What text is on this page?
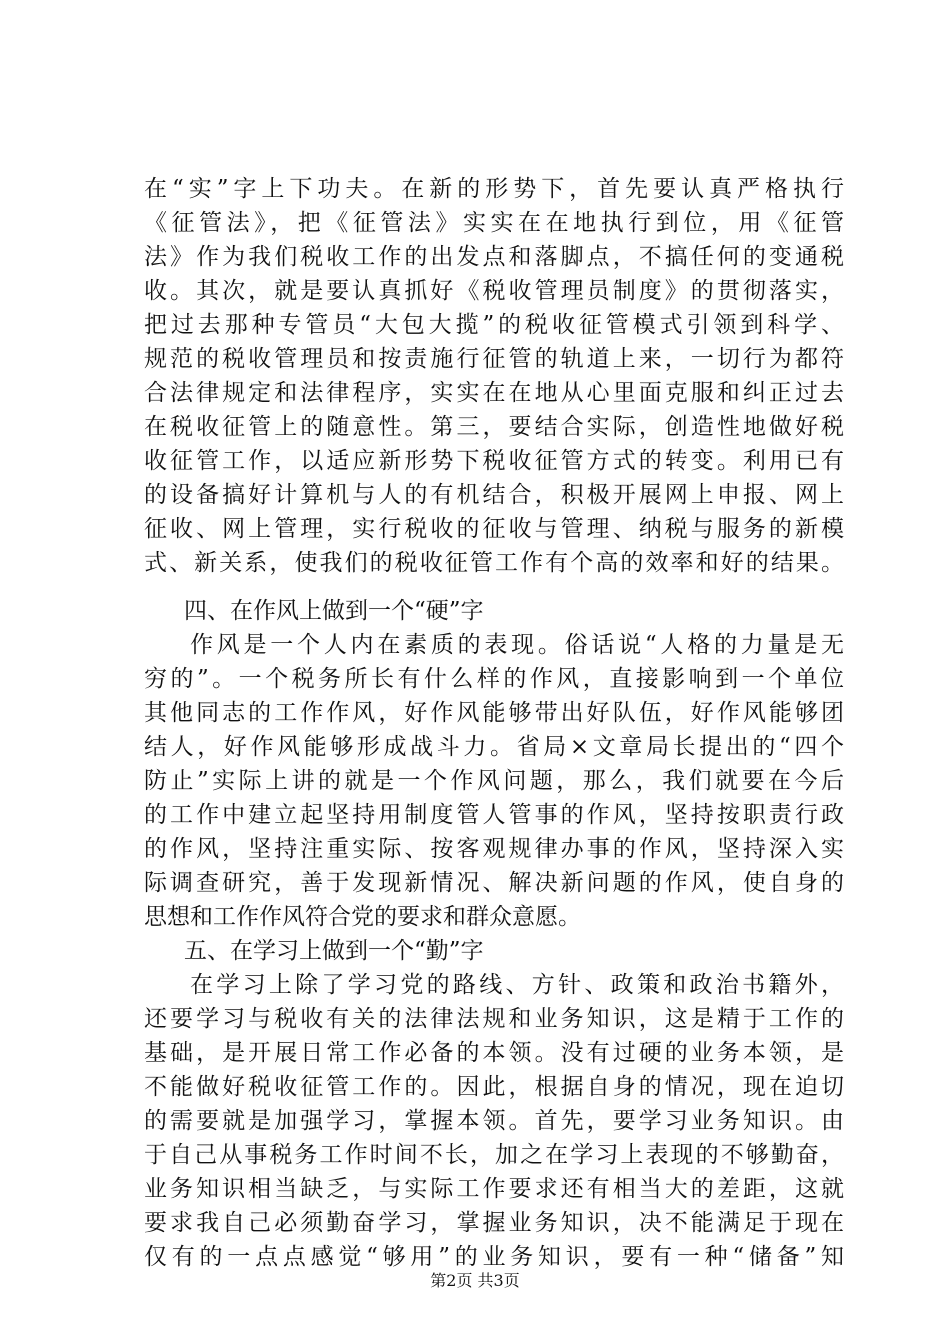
在“实”字上下功夫。在新的形势下，首先要认真严格执行
《征管法》，把《征管法》实实在在地执行到位，用《征管
法》作为我们税收工作的出发点和落脚点，不搞任何的变通税
收。其次，就是要认真抓好《税收管理员制度》的贯彻落实，
把过去那种专管员“大包大揽”的税收征管模式引领到科学、
规范的税收管理员和按责施行征管的轨道上来，一切行为都符
合法律规定和法律程序，实实在在地从心里面克服和纠正过去
在税收征管上的随意性。第三，要结合实际，创造性地做好税
收征管工作，以适应新形势下税收征管方式的转变。利用已有
的设备搞好计算机与人的有机结合，积极开展网上申报、网上
征收、网上管理，实行税收的征收与管理、纳税与服务的新模
式、新关系，使我们的税收征管工作有个高的效率和好的结果。
四、在作风上做到一个“硬”字
作风是一个人内在素质的表现。俗话说“人格的力量是无
穷的”。一个税务所长有什么样的作风，直接影响到一个单位
其他同志的工作作风，好作风能够带出好队伍，好作风能够团
结人，好作风能够形成战斗力。省局×文章局长提出的“四个
防止”实际上讲的就是一个作风问题，那么，我们就要在今后
的工作中建立起坚持用制度管人管事的作风，坚持按职责行政
的作风，坚持注重实际、按客观规律办事的作风，坚持深入实
际调查研究，善于发现新情况、解决新问题的作风，使自身的
思想和工作作风符合党的要求和群众意愿。
五、在学习上做到一个“勤”字
在学习上除了学习党的路线、方针、政策和政治书籍外，
还要学习与税收有关的法律法规和业务知识，这是精于工作的
基础，是开展日常工作必备的本领。没有过硬的业务本领，是
不能做好税收征管工作的。因此，根据自身的情况，现在迫切
的需要就是加强学习，掌握本领。首先，要学习业务知识。由
于自己从事税务工作时间不长，加之在学习上表现的不够勤奋，
业务知识相当缺乏，与实际工作要求还有相当大的差距，这就
要求我自己必须勤奋学习，掌握业务知识，决不能满足于现在
仅有的一点点感觉“够用”的业务知识，要有一种“储备”知
第2页 共3页
